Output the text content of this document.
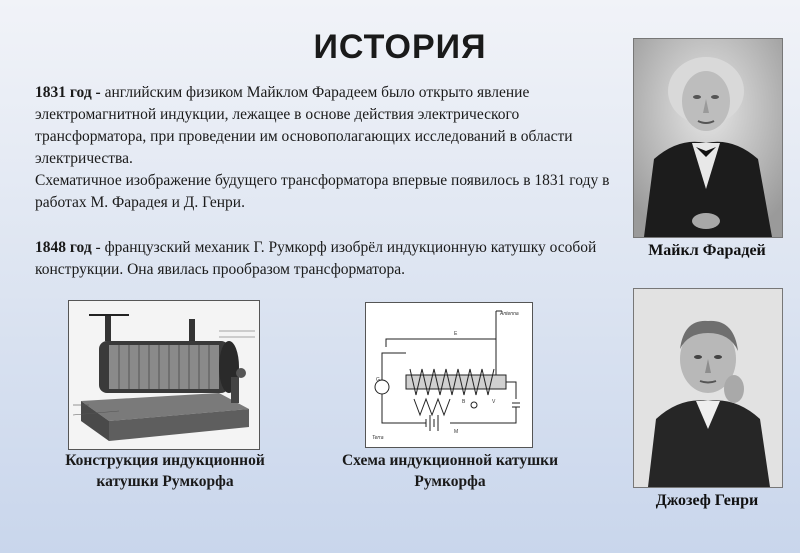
ИСТОРИЯ
1831 год - английским физиком Майклом Фарадеем было открыто явление электромагнитной индукции, лежащее в основе действия электрического трансформатора, при проведении им основополагающих исследований в области электричества.
Схематичное изображение будущего трансформатора впервые появилось в 1831 году в работах М. Фарадея и Д. Генри.
1848 год - французский механик Г. Румкорф изобрёл индукционную катушку особой конструкции. Она явилась прообразом трансформатора.
Майкл Фарадей
Джозеф Генри
Конструкция индукционной
катушки Румкорфа
E
G
B	V
M
Terra
Antenna
Схема индукционной катушки
Румкорфа
